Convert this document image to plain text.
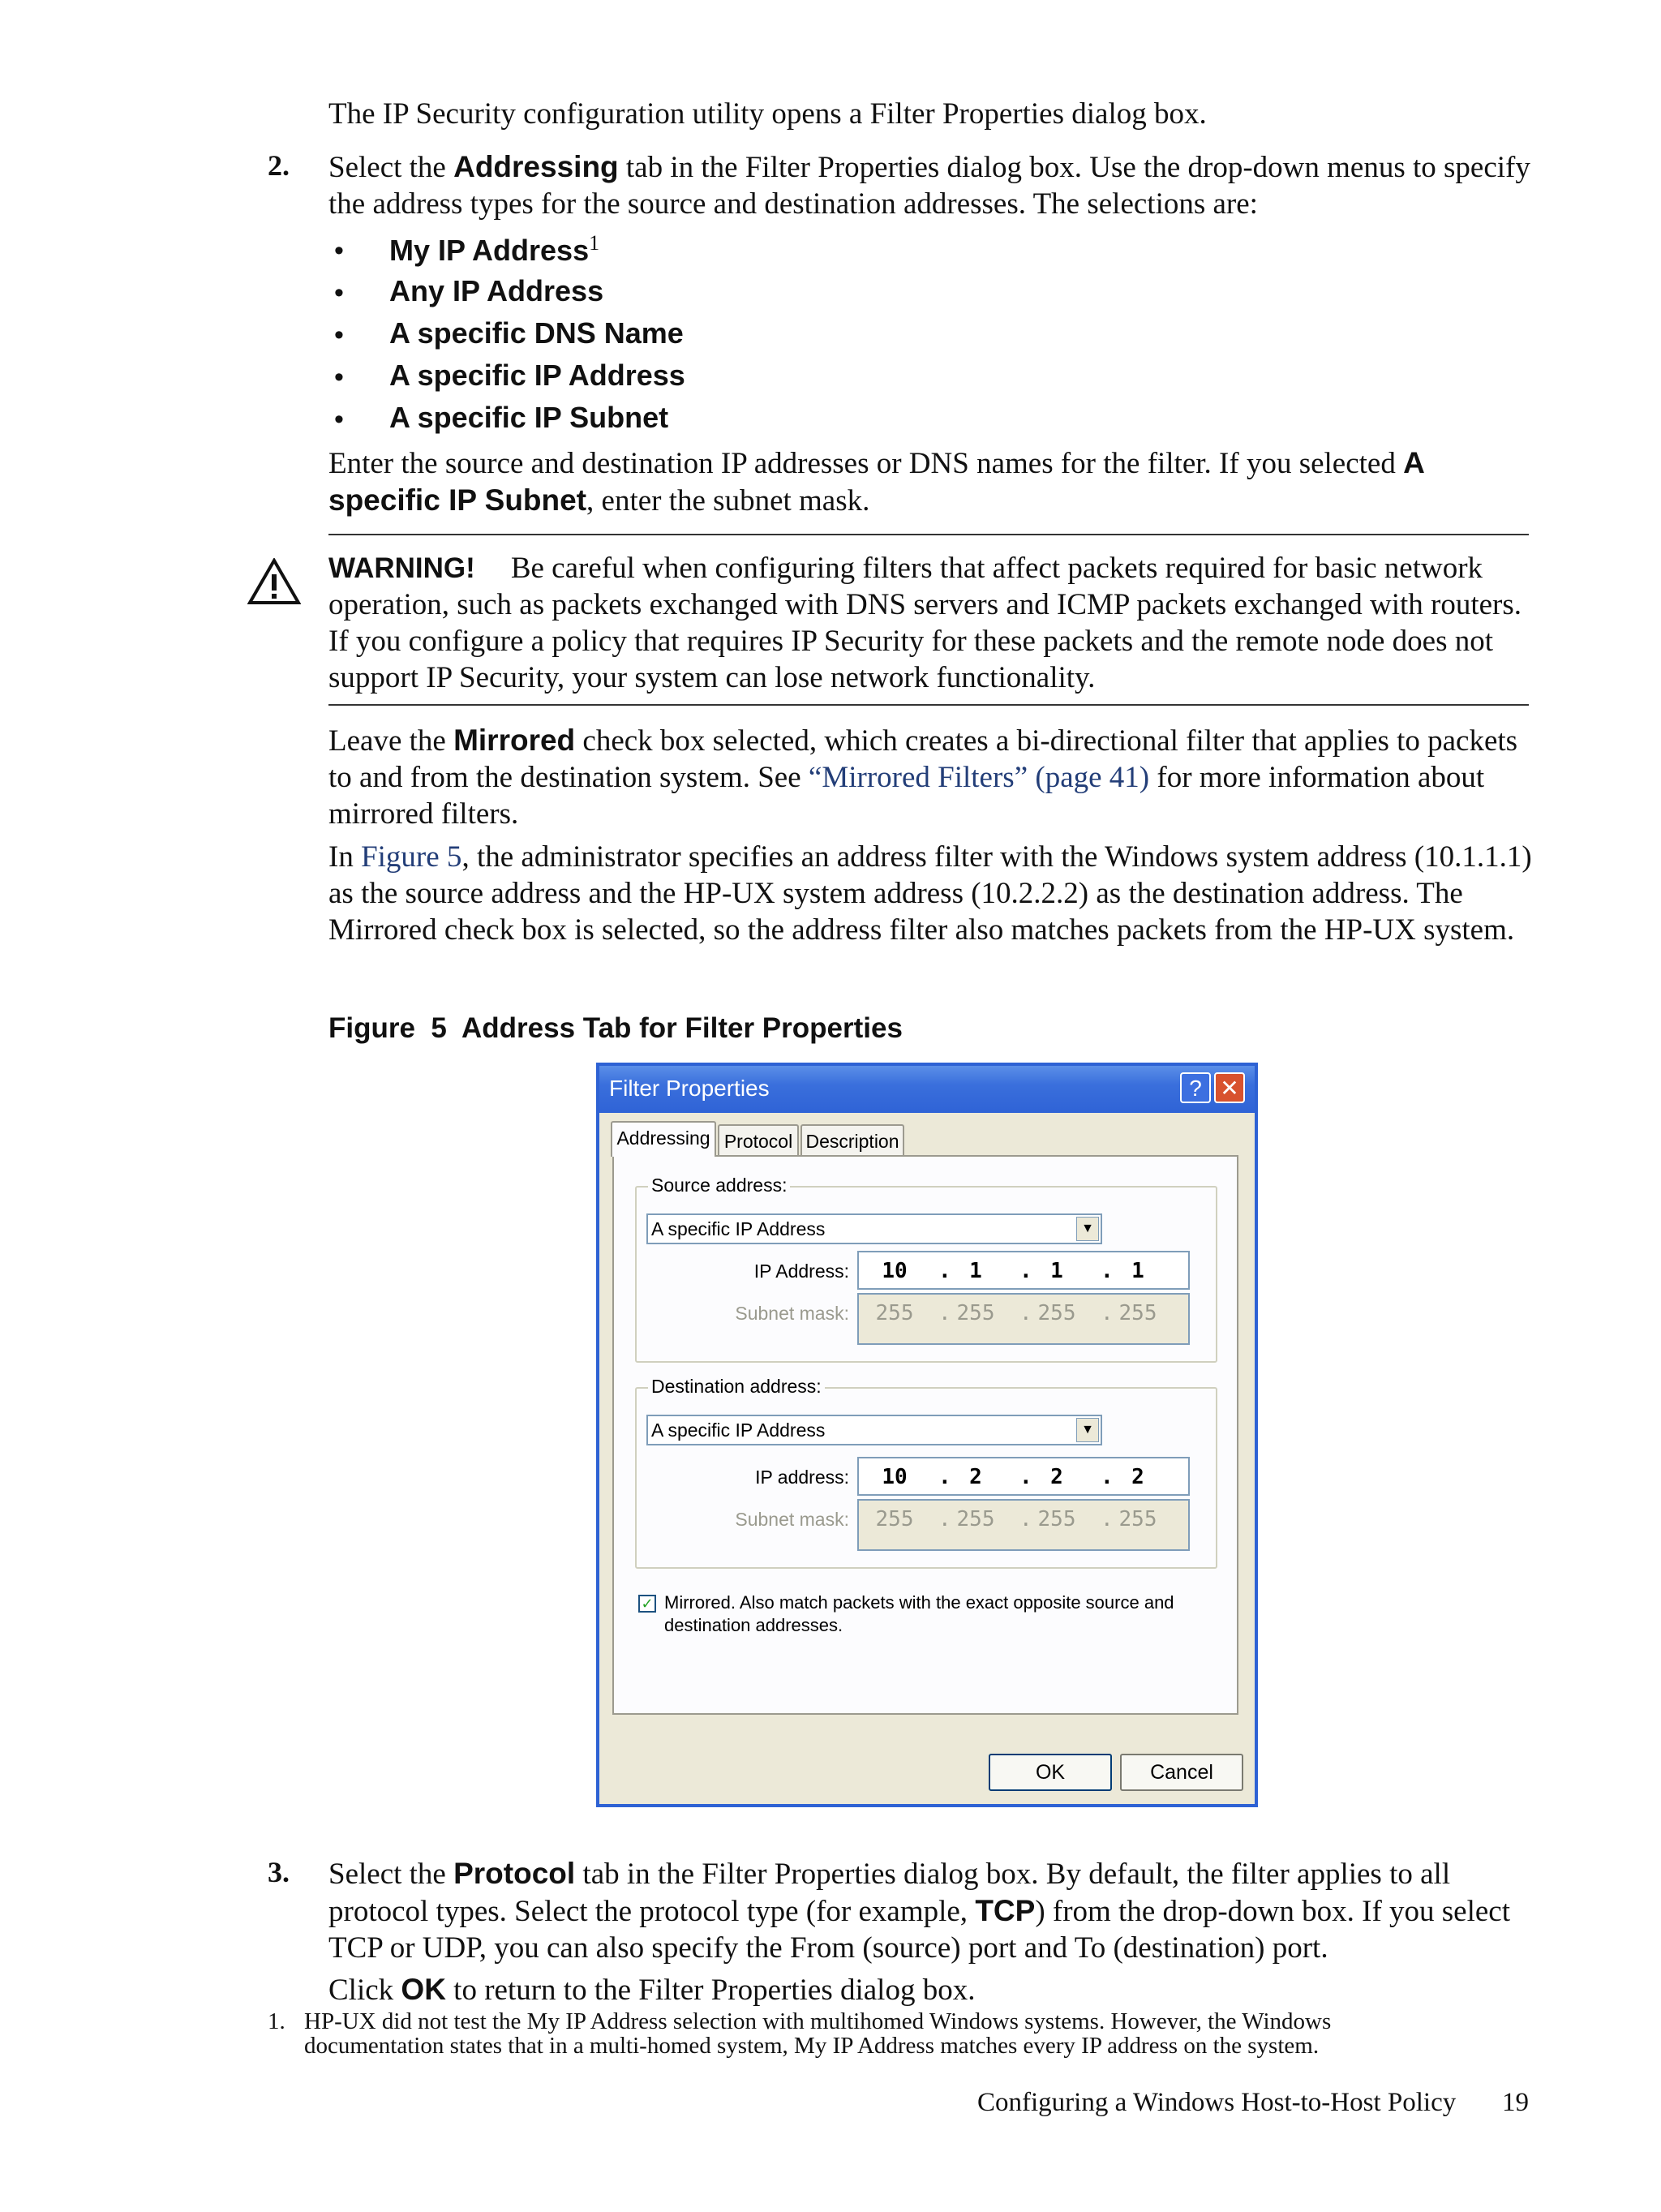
The IP Security configuration utility opens a Filter Properties dialog box.
2. Select the Addressing tab in the Filter Properties dialog box. Use the drop-down menus to specify the address types for the source and destination addresses. The selections are:
• My IP Address$^1$
• Any IP Address
• A specific DNS Name
• A specific IP Address
• A specific IP Subnet
Enter the source and destination IP addresses or DNS names for the filter. If you selected A specific IP Subnet, enter the subnet mask.
WARNING! Be careful when configuring filters that affect packets required for basic network operation, such as packets exchanged with DNS servers and ICMP packets exchanged with routers. If you configure a policy that requires IP Security for these packets and the remote node does not support IP Security, your system can lose network functionality.
Leave the Mirrored check box selected, which creates a bi-directional filter that applies to packets to and from the destination system. See “Mirrored Filters” (page 41) for more information about mirrored filters.
In Figure 5, the administrator specifies an address filter with the Windows system address (10.1.1.1) as the source address and the HP-UX system address (10.2.2.2) as the destination address. The Mirrored check box is selected, so the address filter also matches packets from the HP-UX system.
Figure  5  Address Tab for Filter Properties
Filter Properties	? ✕
Addressing Protocol Description
Source address:
A specific IP Address	▼
IP Address:	10	. 1	. 1	. 1
Subnet mask: 255 . 255 . 255 . 255
Destination address:
A specific IP Address	▼
IP address:	10	. 2	. 2	. 2
Subnet mask: 255 . 255 . 255 . 255
✓ Mirrored. Also match packets with the exact opposite source and
destination addresses.
OK	Cancel
3. Select the Protocol tab in the Filter Properties dialog box. By default, the filter applies to all protocol types. Select the protocol type (for example, TCP) from the drop-down box. If you select TCP or UDP, you can also specify the From (source) port and To (destination) port.
Click OK to return to the Filter Properties dialog box.
1. HP-UX did not test the My IP Address selection with multihomed Windows systems. However, the Windows
documentation states that in a multi-homed system, My IP Address matches every IP address on the system.
Configuring a Windows Host-to-Host Policy 19
